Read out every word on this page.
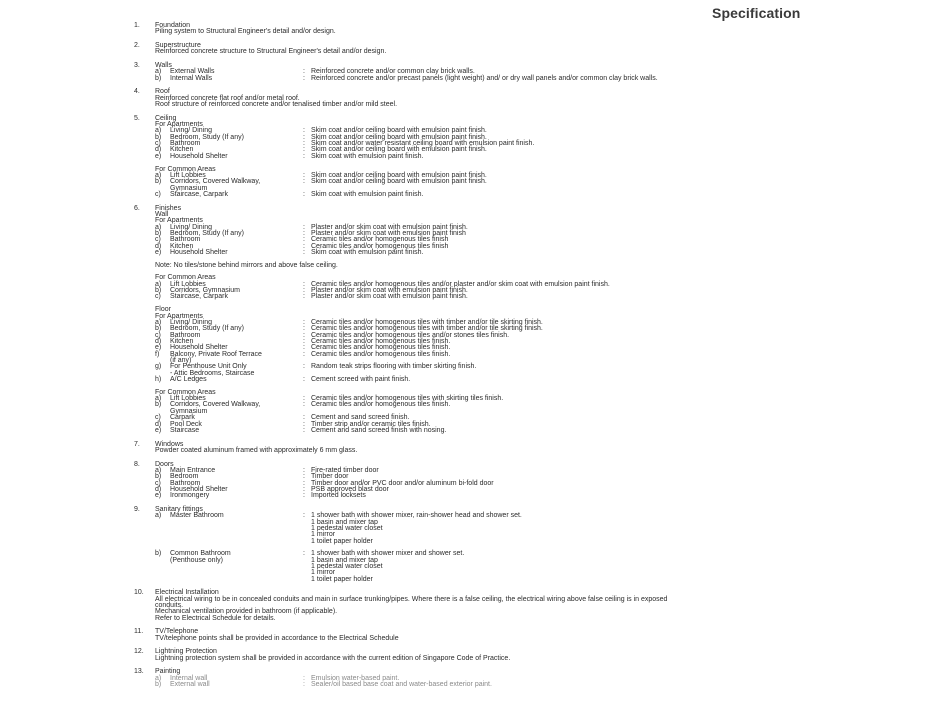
Specification
1. Foundation
Piling system to Structural Engineer's detail and/or design.
2. Superstructure
Reinforced concrete structure to Structural Engineer's detail and/or design.
3. Walls
a) External Walls	: Reinforced concrete and/or common clay brick walls.
b) Internal Walls	: Reinforced concrete and/or precast panels (light weight) and/ or dry wall panels and/or common clay brick walls.
4. Roof
Reinforced concrete flat roof and/or metal roof.
Roof structure of reinforced concrete and/or tenalised timber and/or mild steel.
5. Ceiling
For Apartments
a) Living/ Dining	: Skim coat and/or ceiling board with emulsion paint finish.
b) Bedroom, Study (If any)	: Skim coat and/or ceiling board with emulsion paint finish.
c) Bathroom	: Skim coat and/or water resistant ceiling board with emulsion paint finish.
d) Kitchen	: Skim coat and/or ceiling board with emulsion paint finish.
e) Household Shelter	: Skim coat with emulsion paint finish.
For Common Areas
a) Lift Lobbies	: Skim coat and/or ceiling board with emulsion paint finish.
b) Corridors, Covered Walkway,	: Skim coat and/or ceiling board with emulsion paint finish.
Gymnasium
c) Staircase, Carpark	: Skim coat with emulsion paint finish.
6. Finishes
Wall
For Apartments
a) Living/ Dining	: Plaster and/or skim coat with emulsion paint finish.
b) Bedroom, Study (If any)	: Plaster and/or skim coat with emulsion paint finish
c) Bathroom	: Ceramic tiles and/or homogenous tiles finish
d) Kitchen	: Ceramic tiles and/or homogenous tiles finish
e) Household Shelter	: Skim coat with emulsion paint finish.
Note: No tiles/stone behind mirrors and above false ceiling.
For Common Areas
a) Lift Lobbies	: Ceramic tiles and/or homogenous tiles and/or plaster and/or skim coat with emulsion paint finish.
b) Corridors, Gymnasium	: Plaster and/or skim coat with emulsion paint finish.
c) Staircase, Carpark	: Plaster and/or skim coat with emulsion paint finish.
Floor
For Apartments
a) Living/ Dining	: Ceramic tiles and/or homogenous tiles with timber and/or tile skirting finish.
b) Bedroom, Study (If any)	: Ceramic tiles and/or homogenous tiles with timber and/or tile skirting finish.
c) Bathroom	: Ceramic tiles and/or homogenous tiles and/or stones tiles finish.
d) Kitchen	: Ceramic tiles and/or homogenous tiles finish.
e) Household Shelter	: Ceramic tiles and/or homogenous tiles finish.
f) Balcony, Private Roof Terrace	: Ceramic tiles and/or homogenous tiles finish.
(if any)
g) For Penthouse Unit Only	: Random teak strips flooring with timber skirting finish.
- Attic Bedrooms, Staircase
h) A/C Ledges	: Cement screed with paint finish.
For Common Areas
a) Lift Lobbies	: Ceramic tiles and/or homogenous tiles with skirting tiles finish.
b) Corridors, Covered Walkway,	: Ceramic tiles and/or homogenous tiles finish.
Gymnasium
c) Carpark	: Cement and sand screed finish.
d) Pool Deck	: Timber strip and/or ceramic tiles finish.
e) Staircase	: Cement and sand screed finish with nosing.
7. Windows
Powder coated aluminum framed with approximately 6 mm glass.
8. Doors
a) Main Entrance	: Fire-rated timber door
b) Bedroom	: Timber door
c) Bathroom	: Timber door and/or PVC door and/or aluminum bi-fold door
d) Household Shelter	: PSB approved blast door
e) Ironmongery	: Imported locksets
9. Sanitary fittings
a) Master Bathroom	: 1 shower bath with shower mixer, rain-shower head and shower set.
1 basin and mixer tap
1 pedestal water closet
1 mirror
1 toilet paper holder
b) Common Bathroom	: 1 shower bath with shower mixer and shower set.
(Penthouse only)	1 basin and mixer tap
1 pedestal water closet
1 mirror
1 toilet paper holder
10. Electrical Installation
All electrical wiring to be in concealed conduits and main in surface trunking/pipes. Where there is a false ceiling, the electrical wiring above false ceiling is in exposed
conduits.
Mechanical ventilation provided in bathroom (if applicable).
Refer to Electrical Schedule for details.
11. TV/Telephone
TV/telephone points shall be provided in accordance to the Electrical Schedule
12. Lightning Protection
Lightning protection system shall be provided in accordance with the current edition of Singapore Code of Practice.
13. Painting
a) Internal wall	: Emulsion water-based paint.
b) External wall	: Sealer/oil based base coat and water-based exterior paint.
